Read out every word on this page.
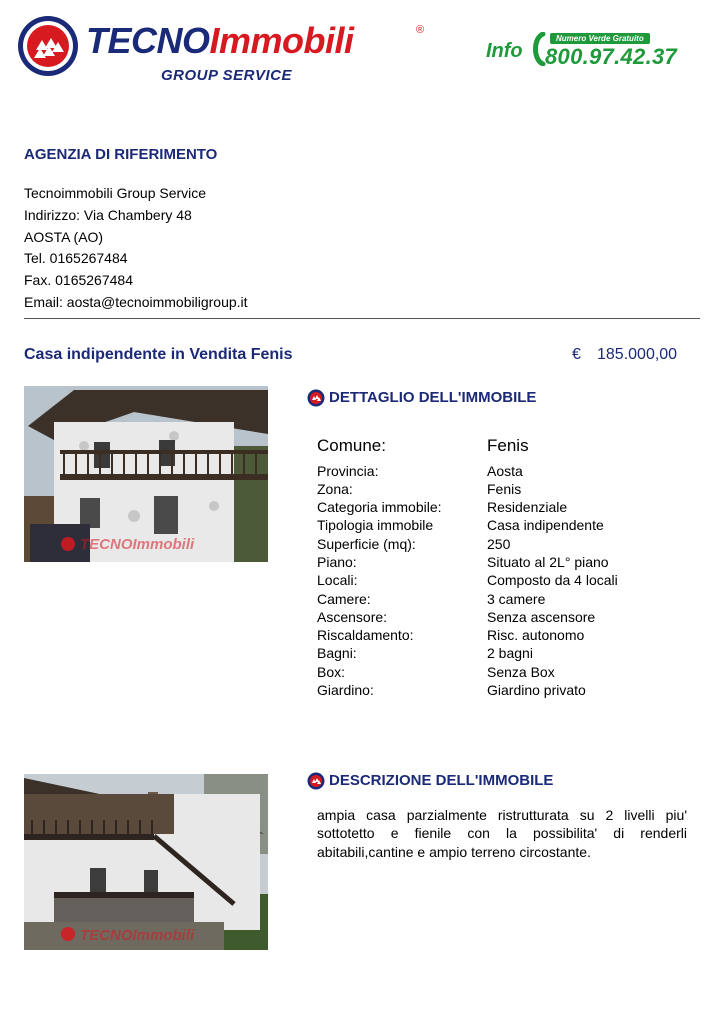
TECNOImmobili	®
GROUP SERVICE
Info
Numero Verde Gratuito
800.97.42.37
AGENZIA DI RIFERIMENTO
Tecnoimmobili Group Service
Indirizzo: Via Chambery 48
AOSTA (AO)
Tel. 0165267484
Fax. 0165267484
Email: aosta@tecnoimmobiligroup.it
Casa indipendente in Vendita Fenis	€ 185.000,00
TECNOImmobili
DETTAGLIO DELL'IMMOBILE
Comune:	Fenis
Provincia:	Aosta
Zona:	Fenis
Categoria immobile:	Residenziale
Tipologia immobile	Casa indipendente
Superficie (mq):	250
Piano:	Situato al 2L° piano
Locali:	Composto da 4 locali
Camere:	3 camere
Ascensore:	Senza ascensore
Riscaldamento:	Risc. autonomo
Bagni:	2 bagni
Box:	Senza Box
Giardino:	Giardino privato
TECNOImmobili
DESCRIZIONE DELL'IMMOBILE
ampia casa parzialmente ristrutturata su 2 livelli piu' sottotetto e fienile con la possibilita' di renderli abitabili,cantine e ampio terreno circostante.
